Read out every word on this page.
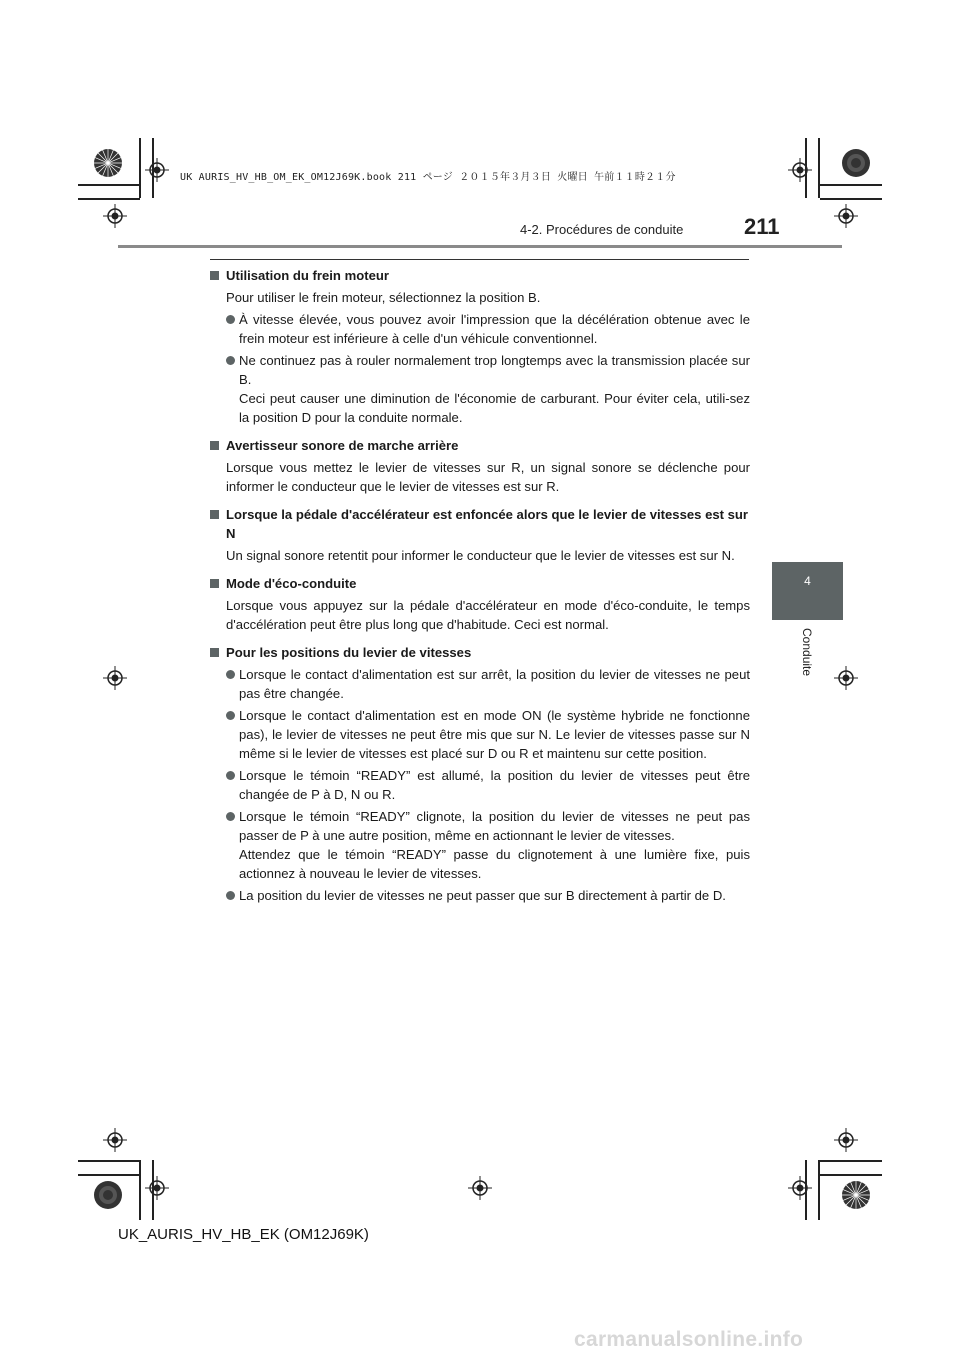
UK AURIS_HV_HB_OM_EK_OM12J69K.book 211 ページ ２０１５年３月３日 火曜日 午前１１時２１分
4-2. Procédures de conduite	211
4
Conduite
Utilisation du frein moteur
Pour utiliser le frein moteur, sélectionnez la position B.
À vitesse élevée, vous pouvez avoir l'impression que la décélération obtenue avec le frein moteur est inférieure à celle d'un véhicule conventionnel.
Ne continuez pas à rouler normalement trop longtemps avec la transmission placée sur B.
Ceci peut causer une diminution de l'économie de carburant. Pour éviter cela, utili-sez la position D pour la conduite normale.
Avertisseur sonore de marche arrière
Lorsque vous mettez le levier de vitesses sur R, un signal sonore se déclenche pour informer le conducteur que le levier de vitesses est sur R.
Lorsque la pédale d'accélérateur est enfoncée alors que le levier de vitesses est sur N
Un signal sonore retentit pour informer le conducteur que le levier de vitesses est sur N.
Mode d'éco-conduite
Lorsque vous appuyez sur la pédale d'accélérateur en mode d'éco-conduite, le temps d'accélération peut être plus long que d'habitude. Ceci est normal.
Pour les positions du levier de vitesses
Lorsque le contact d'alimentation est sur arrêt, la position du levier de vitesses ne peut pas être changée.
Lorsque le contact d'alimentation est en mode ON (le système hybride ne fonctionne pas), le levier de vitesses ne peut être mis que sur N. Le levier de vitesses passe sur N même si le levier de vitesses est placé sur D ou R et maintenu sur cette position.
Lorsque le témoin “READY” est allumé, la position du levier de vitesses peut être changée de P à D, N ou R.
Lorsque le témoin “READY” clignote, la position du levier de vitesses ne peut pas passer de P à une autre position, même en actionnant le levier de vitesses.
Attendez que le témoin “READY” passe du clignotement à une lumière fixe, puis actionnez à nouveau le levier de vitesses.
La position du levier de vitesses ne peut passer que sur B directement à partir de D.
UK_AURIS_HV_HB_EK (OM12J69K)
carmanualsonline.info
